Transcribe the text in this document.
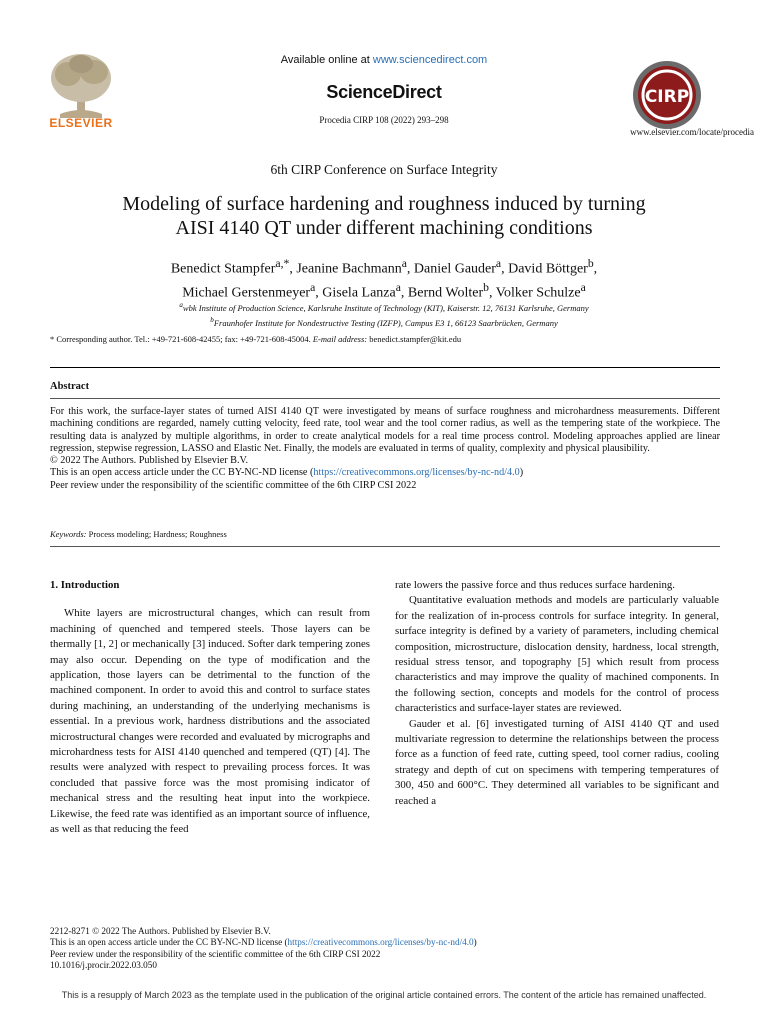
ELSEVIER
Available online at www.sciencedirect.com
ScienceDirect
Procedia CIRP 108 (2022) 293–298
CIRP
www.elsevier.com/locate/procedia
6th CIRP Conference on Surface Integrity
Modeling of surface hardening and roughness induced by turning
AISI 4140 QT under different machining conditions
Benedict Stampfer$^{a,*}$, Jeanine Bachmann$^a$, Daniel Gauder$^a$, David Böttger$^b$,
Michael Gerstenmeyer$^a$, Gisela Lanza$^a$, Bernd Wolter$^b$, Volker Schulze$^a$
$^a$wbk Institute of Production Science, Karlsruhe Institute of Technology (KIT), Kaiserstr. 12, 76131 Karlsruhe, Germany
$^b$Fraunhofer Institute for Nondestructive Testing (IZFP), Campus E3 1, 66123 Saarbrücken, Germany
* Corresponding author. Tel.: +49-721-608-42455; fax: +49-721-608-45004. E-mail address: benedict.stampfer@kit.edu
Abstract

For this work, the surface-layer states of turned AISI 4140 QT were investigated by means of surface roughness and microhardness measurements. Different machining conditions are regarded, namely cutting velocity, feed rate, tool wear and the tool corner radius, as well as the tempering state of the workpiece. The resulting data is analyzed by multiple algorithms, in order to create analytical models for a real time process control. Modeling approaches applied are linear regression, stepwise regression, LASSO and Elastic Net. Finally, the models are evaluated in terms of quality, complexity and physical plausibility.

© 2022 The Authors. Published by Elsevier B.V.

This is an open access article under the CC BY-NC-ND license (https://creativecommons.org/licenses/by-nc-nd/4.0)

Peer review under the responsibility of the scientific committee of the 6th CIRP CSI 2022

Keywords: Process modeling; Hardness; Roughness

1. Introduction

White layers are microstructural changes, which can result from machining of quenched and tempered steels. Those layers can be thermally [1, 2] or mechanically [3] induced. Softer dark tempering zones may also occur. Depending on the type of modification and the application, those layers can be detrimental to the function of the machined component. In order to avoid this and control to surface states during machining, an understanding of the underlying mechanisms is essential. In a previous work, hardness distributions and the associated microstructural changes were recorded and evaluated by micrographs and microhardness tests for AISI 4140 quenched and tempered (QT) [4]. The results were analyzed with respect to prevailing process forces. It was concluded that passive force was the most promising indicator of mechanical stress and the resulting heat input into the workpiece. Likewise, the feed rate was identified as an important source of influence, as well as that reducing the feed

rate lowers the passive force and thus reduces surface hardening.

Quantitative evaluation methods and models are particularly valuable for the realization of in-process controls for surface integrity. In general, surface integrity is defined by a variety of parameters, including chemical composition, microstructure, dislocation density, hardness, local strength, residual stress tensor, and topography [5] which result from process characteristics and may improve the quality of machined components. In the following section, concepts and models for the control of process characteristics and surface-layer states are reviewed.

Gauder et al. [6] investigated turning of AISI 4140 QT and used multivariate regression to determine the relationships between the process force as a function of feed rate, cutting speed, tool corner radius, cooling strategy and depth of cut on specimens with tempering temperatures of 300, 450 and 600°C. They determined all variables to be significant and reached a

2212-8271 © 2022 The Authors. Published by Elsevier B.V.
This is an open access article under the CC BY-NC-ND license (https://creativecommons.org/licenses/by-nc-nd/4.0)
Peer review under the responsibility of the scientific committee of the 6th CIRP CSI 2022
10.1016/j.procir.2022.03.050
This is a resupply of March 2023 as the template used in the publication of the original article contained errors. The content of the article has remained unaffected.
